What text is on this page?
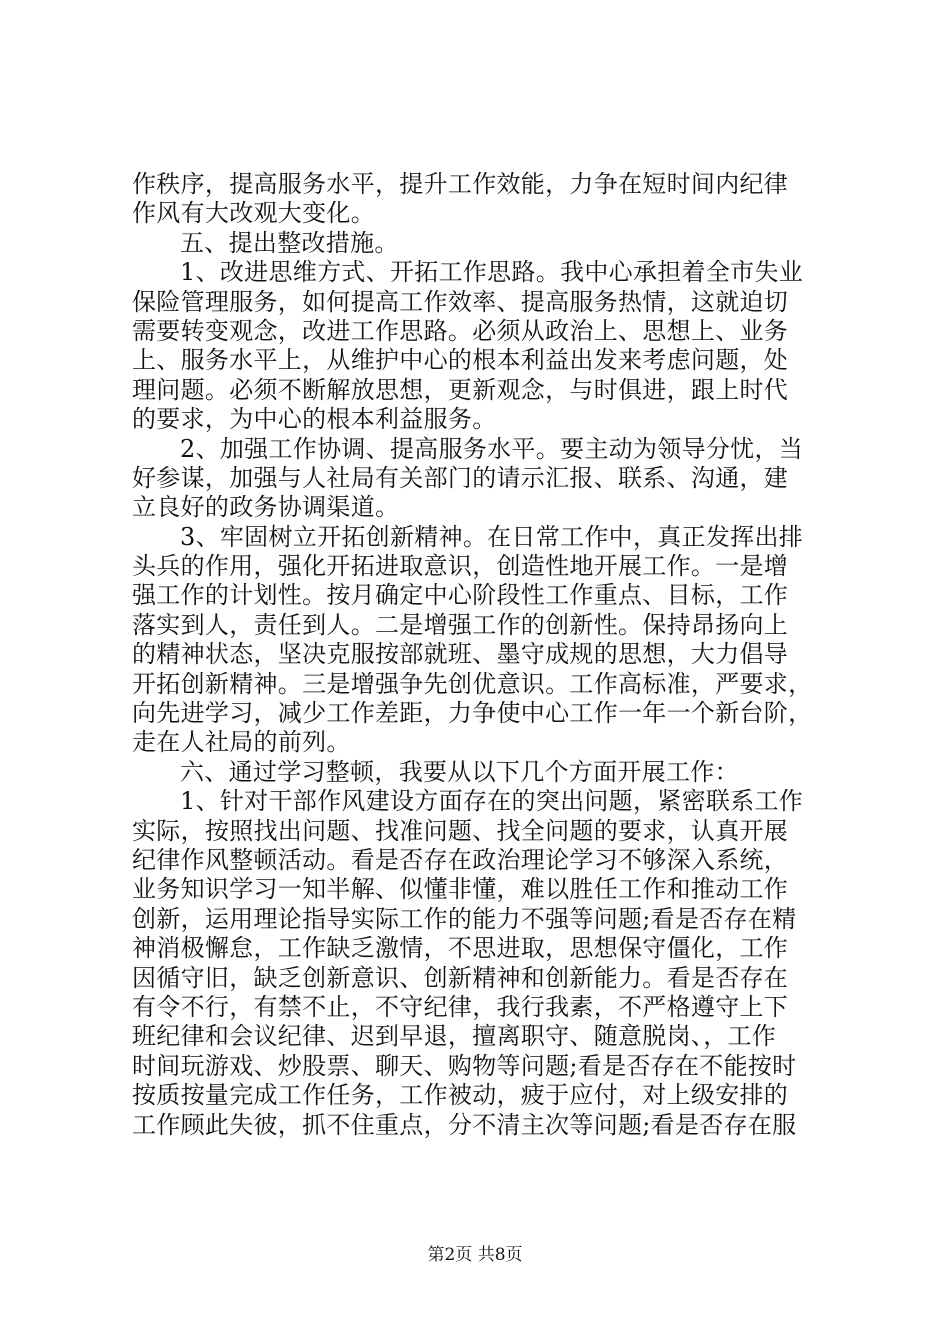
作秩序，提高服务水平，提升工作效能，力争在短时间内纪律
作风有大改观大变化。
五、提出整改措施。
1、改进思维方式、开拓工作思路。我中心承担着全市失业
保险管理服务，如何提高工作效率、提高服务热情，这就迫切
需要转变观念，改进工作思路。必须从政治上、思想上、业务
上、服务水平上，从维护中心的根本利益出发来考虑问题，处
理问题。必须不断解放思想，更新观念，与时俱进，跟上时代
的要求，为中心的根本利益服务。
2、加强工作协调、提高服务水平。要主动为领导分忧，当
好参谋，加强与人社局有关部门的请示汇报、联系、沟通，建
立良好的政务协调渠道。
3、牢固树立开拓创新精神。在日常工作中，真正发挥出排
头兵的作用，强化开拓进取意识，创造性地开展工作。一是增
强工作的计划性。按月确定中心阶段性工作重点、目标，工作
落实到人，责任到人。二是增强工作的创新性。保持昂扬向上
的精神状态，坚决克服按部就班、墨守成规的思想，大力倡导
开拓创新精神。三是增强争先创优意识。工作高标准，严要求，
向先进学习，减少工作差距，力争使中心工作一年一个新台阶，
走在人社局的前列。
六、通过学习整顿，我要从以下几个方面开展工作：
1、针对干部作风建设方面存在的突出问题，紧密联系工作
实际，按照找出问题、找准问题、找全问题的要求，认真开展
纪律作风整顿活动。看是否存在政治理论学习不够深入系统，
业务知识学习一知半解、似懂非懂，难以胜任工作和推动工作
创新，运用理论指导实际工作的能力不强等问题;看是否存在精
神消极懈怠，工作缺乏激情，不思进取，思想保守僵化，工作
因循守旧，缺乏创新意识、创新精神和创新能力。看是否存在
有令不行，有禁不止，不守纪律，我行我素，不严格遵守上下
班纪律和会议纪律、迟到早退，擅离职守、随意脱岗、，工作
时间玩游戏、炒股票、聊天、购物等问题;看是否存在不能按时
按质按量完成工作任务，工作被动，疲于应付，对上级安排的
工作顾此失彼，抓不住重点，分不清主次等问题;看是否存在服
第2页 共8页
